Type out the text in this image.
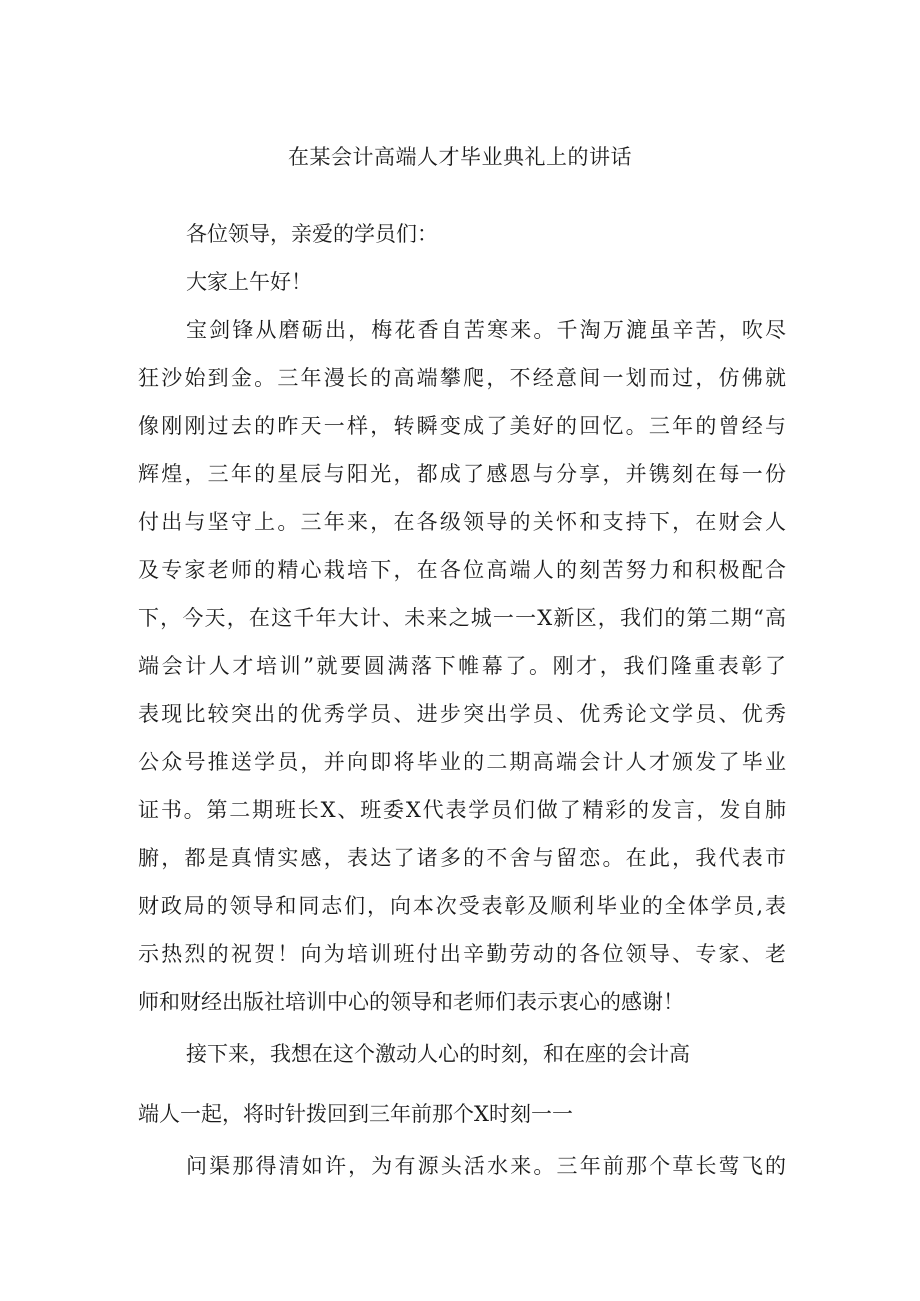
在某会计高端人才毕业典礼上的讲话
各位领导，亲爱的学员们：
大家上午好！
宝剑锋从磨砺出，梅花香自苦寒来。千淘万漉虽辛苦，吹尽
狂沙始到金。三年漫长的高端攀爬，不经意间一划而过，仿佛就
像刚刚过去的昨天一样，转瞬变成了美好的回忆。三年的曾经与
辉煌，三年的星辰与阳光，都成了感恩与分享，并镌刻在每一份
付出与坚守上。三年来，在各级领导的关怀和支持下，在财会人
及专家老师的精心栽培下，在各位高端人的刻苦努力和积极配合
下，今天，在这千年大计、未来之城一一X新区，我们的第二期“高
端会计人才培训”就要圆满落下帷幕了。刚才，我们隆重表彰了
表现比较突出的优秀学员、进步突出学员、优秀论文学员、优秀
公众号推送学员，并向即将毕业的二期高端会计人才颁发了毕业
证书。第二期班长X、班委X代表学员们做了精彩的发言，发自肺
腑，都是真情实感，表达了诸多的不舍与留恋。在此，我代表市
财政局的领导和同志们，向本次受表彰及顺利毕业的全体学员,表
示热烈的祝贺！向为培训班付出辛勤劳动的各位领导、专家、老
师和财经出版社培训中心的领导和老师们表示衷心的感谢！
接下来，我想在这个激动人心的时刻，和在座的会计高
端人一起，将时针拨回到三年前那个X时刻一一
问渠那得清如许，为有源头活水来。三年前那个草长莺飞的
